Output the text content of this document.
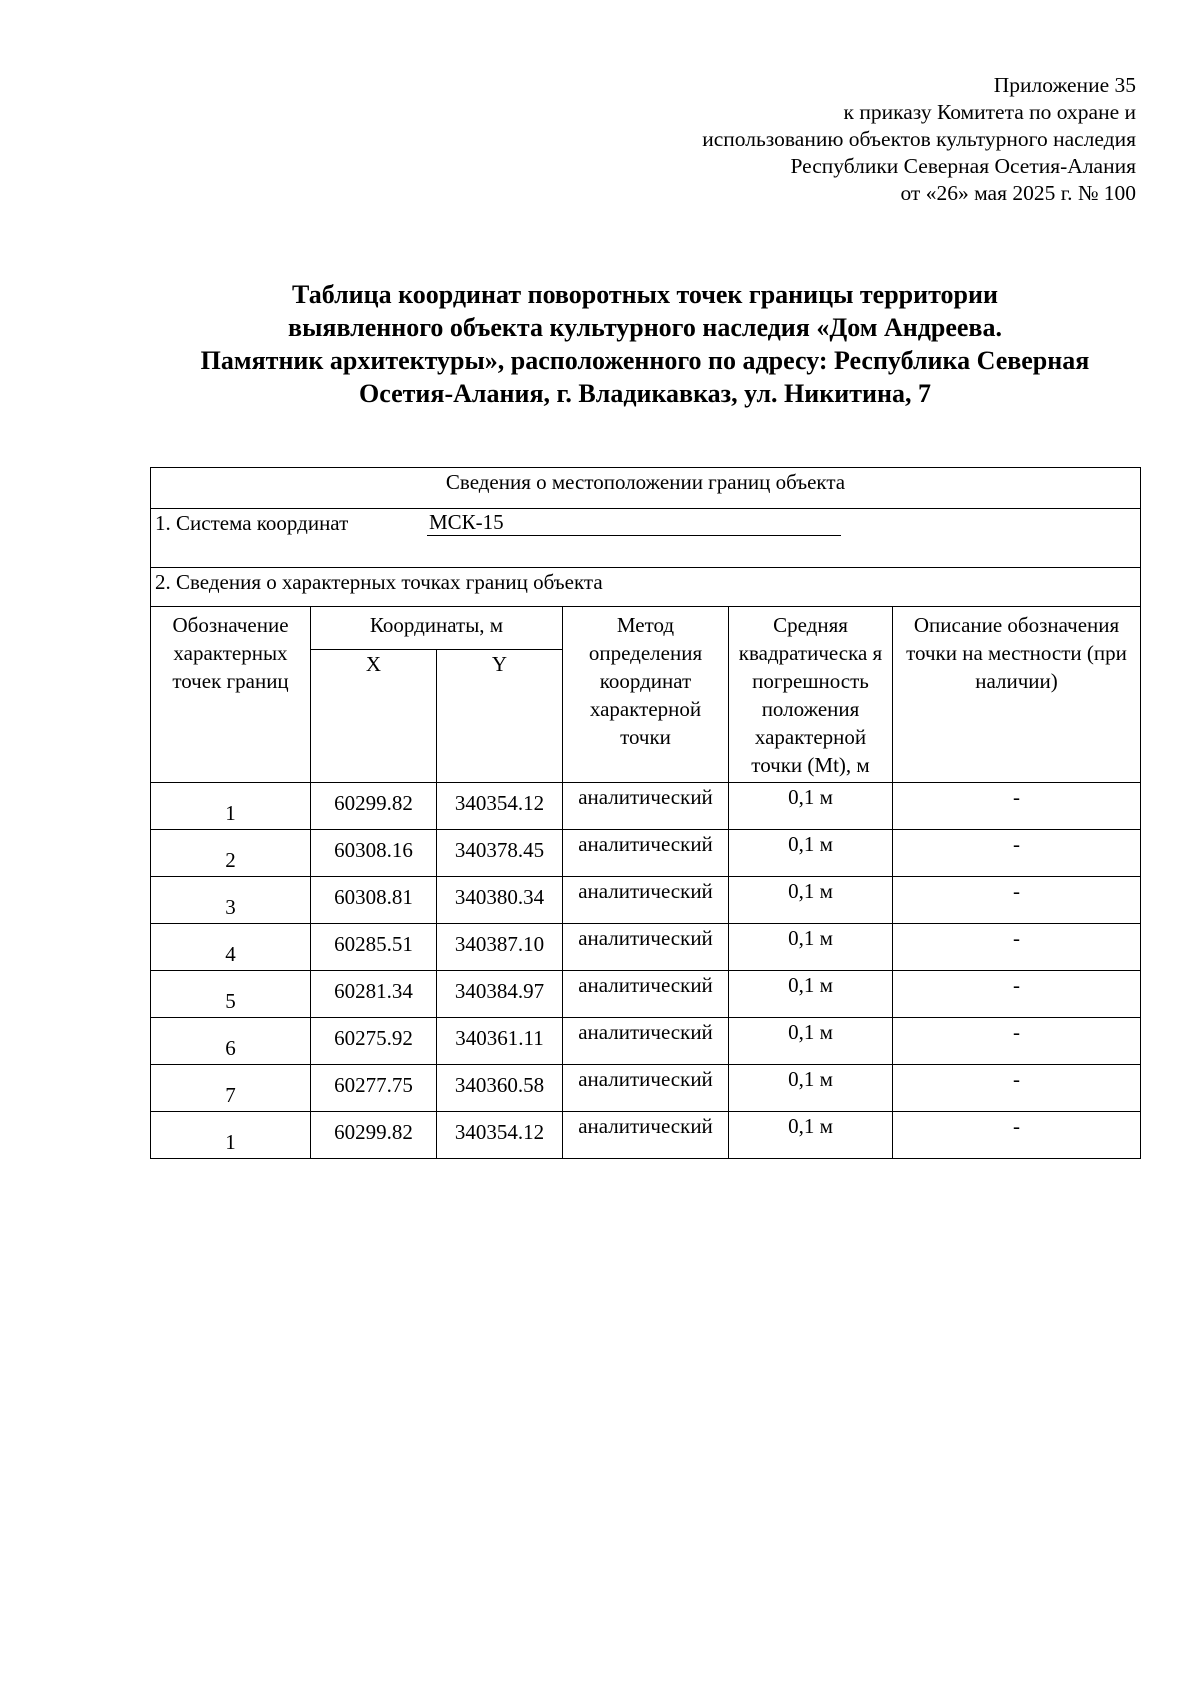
Приложение 35
к приказу Комитета по охране и
использованию объектов культурного наследия
Республики Северная Осетия-Алания
от «26» мая 2025 г. № 100
Таблица координат поворотных точек границы территории
выявленного объекта культурного наследия «Дом Андреева.
Памятник архитектуры», расположенного по адресу: Республика Северная
Осетия-Алания, г. Владикавказ, ул. Никитина, 7
Сведения о местоположении границ объекта					

1. Система координат МСК-15					

2. Сведения о характерных точках границ объекта					
Обозначение характерных точек границ	Координаты, м		Метод определения координат характерной точки	Средняя квадратическа я погрешность положения характерной точки (Mt), м	Описание обозначения точки на местности (при наличии)
	X	Y			
1	60299.82	340354.12	аналитический	0,1 м	-
2	60308.16	340378.45	аналитический	0,1 м	-
3	60308.81	340380.34	аналитический	0,1 м	-
4	60285.51	340387.10	аналитический	0,1 м	-
5	60281.34	340384.97	аналитический	0,1 м	-
6	60275.92	340361.11	аналитический	0,1 м	-
7	60277.75	340360.58	аналитический	0,1 м	-
1	60299.82	340354.12	аналитический	0,1 м	-
